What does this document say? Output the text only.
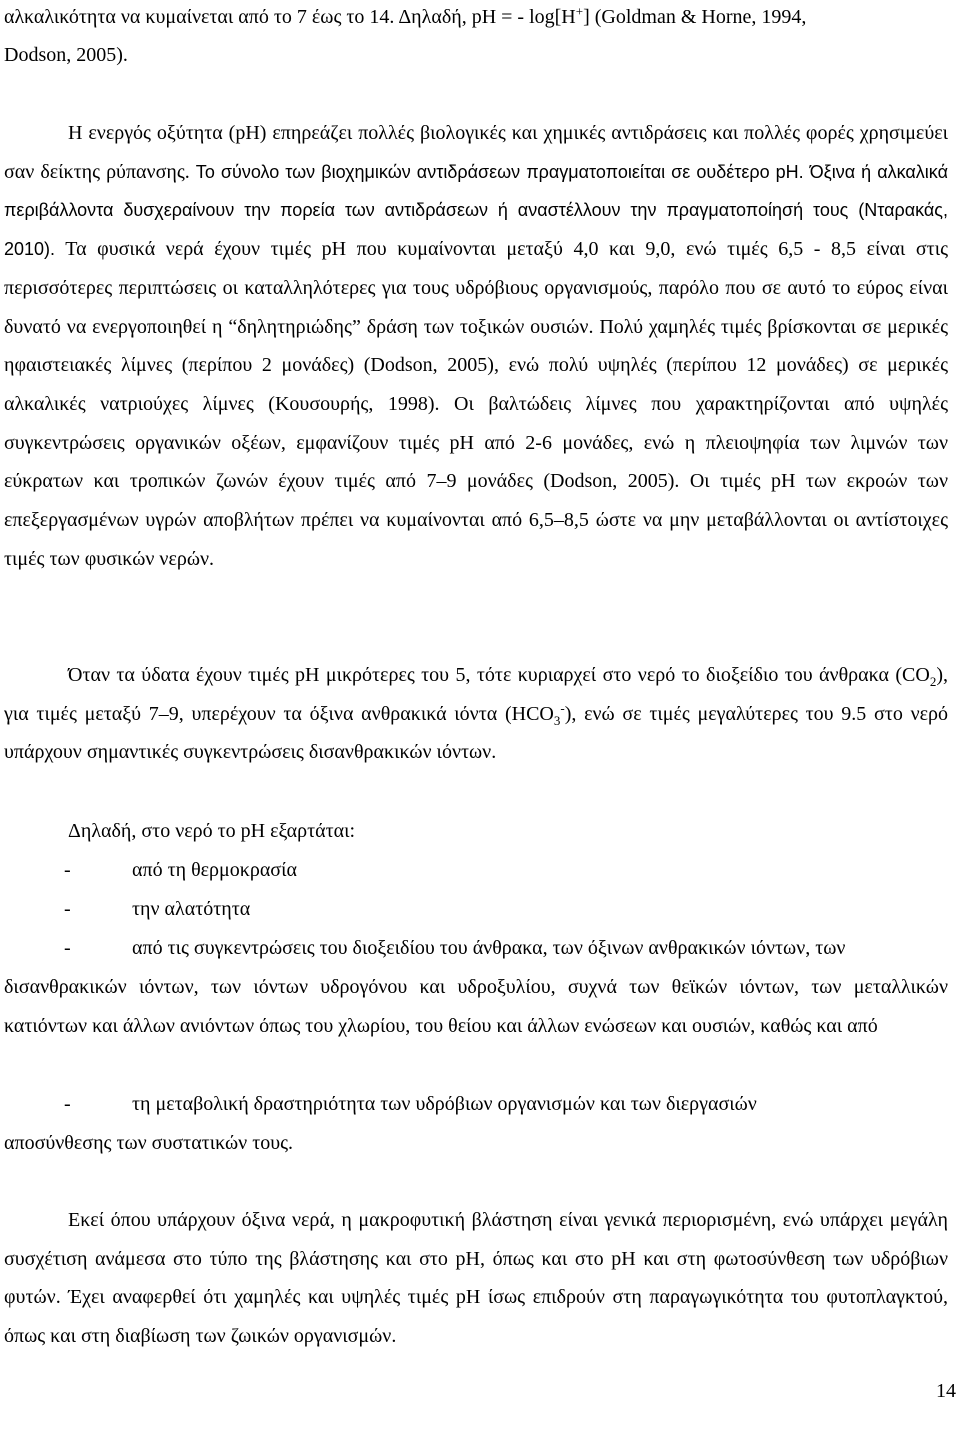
αλκαλικότητα να κυμαίνεται από το 7 έως το 14. Δηλαδή, pH = - log[H+] (Goldman & Horne, 1994,

Dodson, 2005).

Η ενεργός οξύτητα (pH) επηρεάζει πολλές βιολογικές και χημικές αντιδράσεις και πολλές φορές χρησιμεύει σαν δείκτης ρύπανσης. Το σύνολο των βιοχημικών αντιδράσεων πραγματοποιείται σε ουδέτερο pH. Όξινα ή αλκαλικά περιβάλλοντα δυσχεραίνουν την πορεία των αντιδράσεων ή αναστέλλουν την πραγματοποίησή τους (Νταρακάς, 2010). Τα φυσικά νερά έχουν τιμές pH που κυμαίνονται μεταξύ 4,0 και 9,0, ενώ τιμές 6,5 - 8,5 είναι στις περισσότερες περιπτώσεις οι καταλληλότερες για τους υδρόβιους οργανισμούς, παρόλο που σε αυτό το εύρος είναι δυνατό να ενεργοποιηθεί η “δηλητηριώδης” δράση των τοξικών ουσιών. Πολύ χαμηλές τιμές βρίσκονται σε μερικές ηφαιστειακές λίμνες (περίπου 2 μονάδες) (Dodson, 2005), ενώ πολύ υψηλές (περίπου 12 μονάδες) σε μερικές αλκαλικές νατριούχες λίμνες (Κουσουρής, 1998). Οι βαλτώδεις λίμνες που χαρακτηρίζονται από υψηλές συγκεντρώσεις οργανικών οξέων, εμφανίζουν τιμές pH από 2-6 μονάδες, ενώ η πλειοψηφία των λιμνών των εύκρατων και τροπικών ζωνών έχουν τιμές από 7–9 μονάδες (Dodson, 2005). Οι τιμές pH των εκροών των επεξεργασμένων υγρών αποβλήτων πρέπει να κυμαίνονται από 6,5–8,5 ώστε να μην μεταβάλλονται οι αντίστοιχες τιμές των φυσικών νερών.

Όταν τα ύδατα έχουν τιμές pH μικρότερες του 5, τότε κυριαρχεί στο νερό το διοξείδιο του άνθρακα $(CO_2)$, για τιμές μεταξύ 7–9, υπερέχουν τα όξινα ανθρακικά ιόντα $(HCO_3^-)$, ενώ σε τιμές μεγαλύτερες του 9.5 στο νερό υπάρχουν σημαντικές συγκεντρώσεις δισανθρακικών ιόντων.

Δηλαδή, στο νερό το pH εξαρτάται:

-	από τη θερμοκρασία

-	την αλατότητα

-	από τις συγκεντρώσεις του διοξειδίου του άνθρακα, των όξινων ανθρακικών ιόντων, των

δισανθρακικών ιόντων, των ιόντων υδρογόνου και υδροξυλίου, συχνά των θεϊκών ιόντων, των μεταλλικών κατιόντων και άλλων ανιόντων όπως του χλωρίου, του θείου και άλλων ενώσεων και ουσιών, καθώς και από

-	τη μεταβολική δραστηριότητα των υδρόβιων οργανισμών και των διεργασιών

αποσύνθεσης των συστατικών τους.

Εκεί όπου υπάρχουν όξινα νερά, η μακροφυτική βλάστηση είναι γενικά περιορισμένη, ενώ υπάρχει μεγάλη συσχέτιση ανάμεσα στο τύπο της βλάστησης και στο pH, όπως και στο pH και στη φωτοσύνθεση των υδρόβιων φυτών. Έχει αναφερθεί ότι χαμηλές και υψηλές τιμές pH ίσως επιδρούν στη παραγωγικότητα του φυτοπλαγκτού, όπως και στη διαβίωση των ζωικών οργανισμών.

14
